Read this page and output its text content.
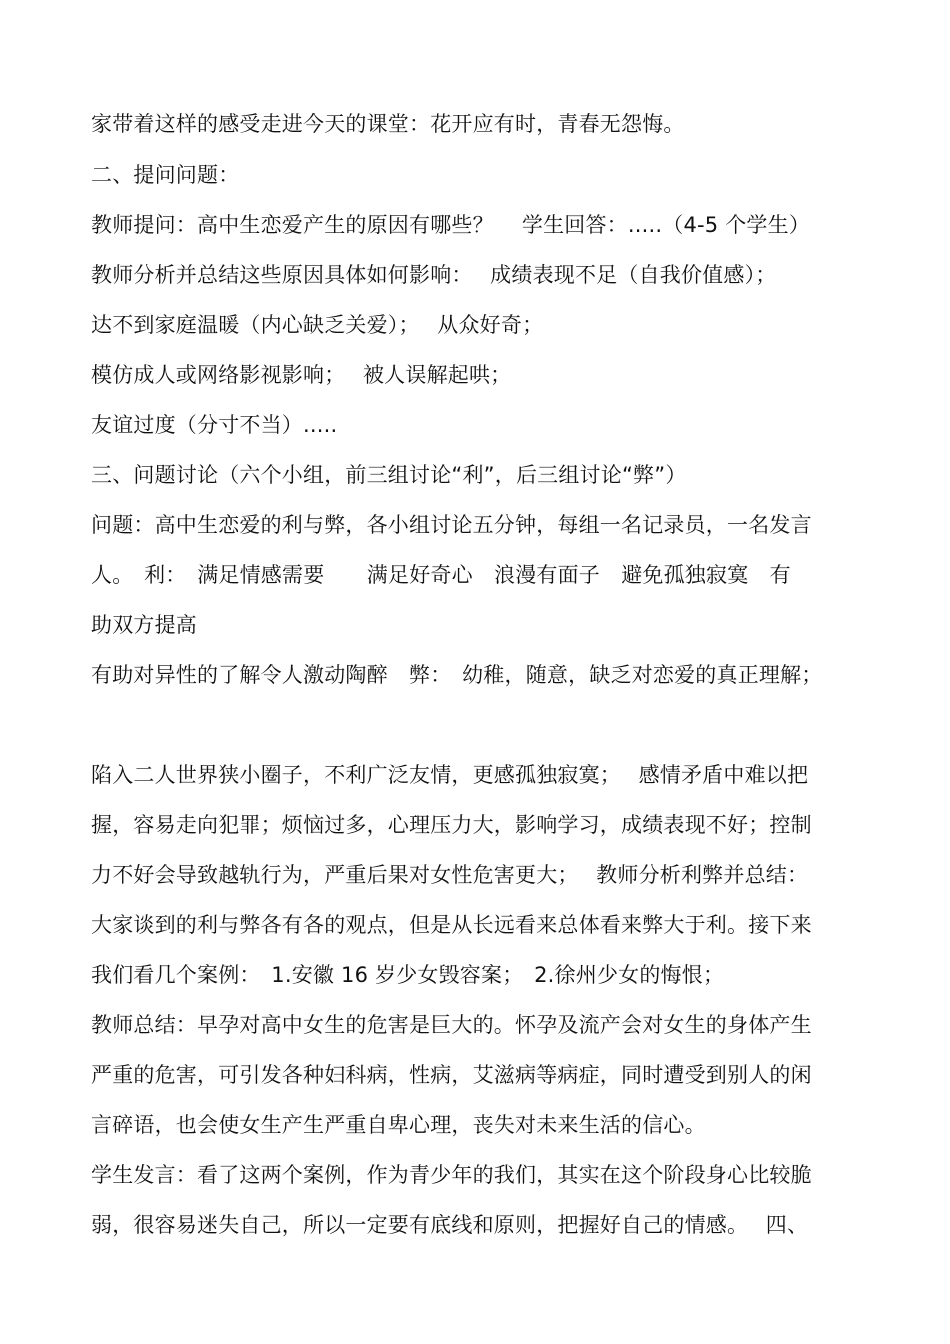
家带着这样的感受走进今天的课堂：花开应有时，青春无怨悔。
二、提问问题：
教师提问：高中生恋爱产生的原因有哪些？　 学生回答：.....（4-5 个学生）
教师分析并总结这些原因具体如何影响：　 成绩表现不足（自我价值感）；
达不到家庭温暖（内心缺乏关爱）；　 从众好奇；
模仿成人或网络影视影响；　 被人误解起哄；
友谊过度（分寸不当）.....
三、问题讨论（六个小组，前三组讨论“利”，后三组讨论“弊”）
问题：高中生恋爱的利与弊，各小组讨论五分钟，每组一名记录员，一名发言
人。　利：　满足情感需要　　满足好奇心　浪漫有面子　避免孤独寂寞　有
助双方提高
有助对异性的了解令人激动陶醉　弊：　幼稚，随意，缺乏对恋爱的真正理解；
陷入二人世界狭小圈子，不利广泛友情，更感孤独寂寞；　 感情矛盾中难以把
握，容易走向犯罪；烦恼过多，心理压力大，影响学习，成绩表现不好；控制
力不好会导致越轨行为，严重后果对女性危害更大；　 教师分析利弊并总结：
大家谈到的利与弊各有各的观点，但是从长远看来总体看来弊大于利。接下来
我们看几个案例：　1.安徽 16 岁少女毁容案；　2.徐州少女的悔恨；
教师总结：早孕对高中女生的危害是巨大的。怀孕及流产会对女生的身体产生
严重的危害，可引发各种妇科病，性病，艾滋病等病症，同时遭受到别人的闲
言碎语，也会使女生产生严重自卑心理，丧失对未来生活的信心。
学生发言：看了这两个案例，作为青少年的我们，其实在这个阶段身心比较脆
弱，很容易迷失自己，所以一定要有底线和原则，把握好自己的情感。　 四、
